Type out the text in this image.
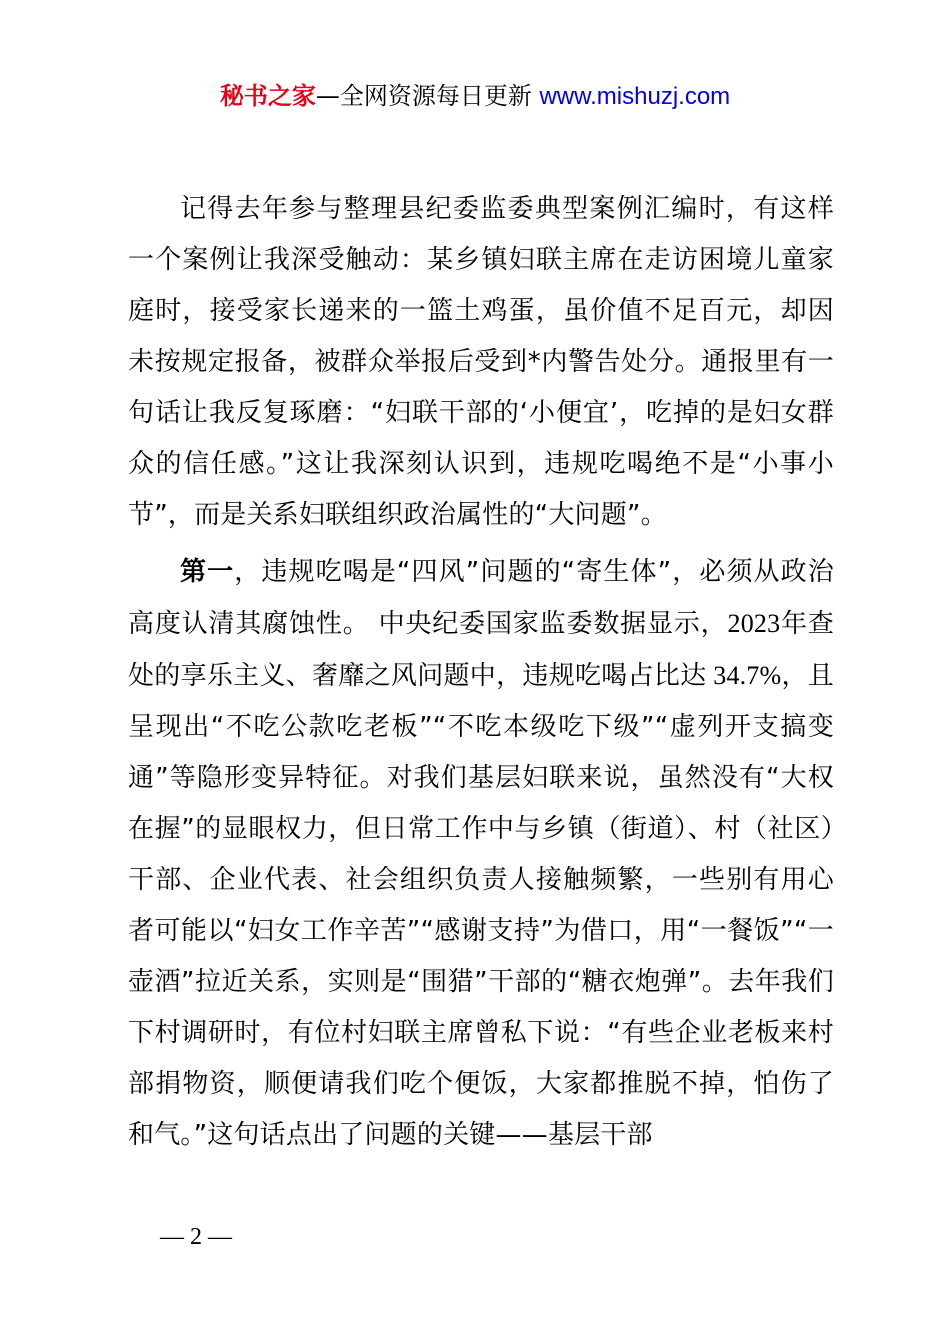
秘书之家—全网资源每日更新 www.mishuzj.com

记得去年参与整理县纪委监委典型案例汇编时，有这样一个案例让我深受触动：某乡镇妇联主席在走访困境儿童家庭时，接受家长递来的一篮土鸡蛋，虽价值不足百元，却因未按规定报备，被群众举报后受到*内警告处分。通报里有一句话让我反复琢磨：“妇联干部的‘小便宜’，吃掉的是妇女群众的信任感。”这让我深刻认识到，违规吃喝绝不是“小事小节”，而是关系妇联组织政治属性的“大问题”。

第一，违规吃喝是“四风”问题的“寄生体”，必须从政治高度认清其腐蚀性。 中央纪委国家监委数据显示，2023年查处的享乐主义、奢靡之风问题中，违规吃喝占比达 34.7%，且呈现出“不吃公款吃老板”“不吃本级吃下级”“虚列开支搞变通”等隐形变异特征。对我们基层妇联来说，虽然没有“大权在握”的显眼权力，但日常工作中与乡镇（街道）、村（社区）干部、企业代表、社会组织负责人接触频繁，一些别有用心者可能以“妇女工作辛苦”“感谢支持”为借口，用“一餐饭”“一壶酒”拉近关系，实则是“围猎”干部的“糖衣炮弹”。去年我们下村调研时，有位村妇联主席曾私下说：“有些企业老板来村部捐物资，顺便请我们吃个便饭，大家都推脱不掉，怕伤了和气。”这句话点出了问题的关键——基层干部

— 2 —
